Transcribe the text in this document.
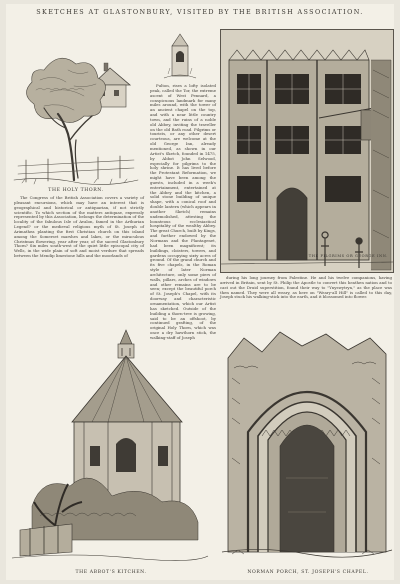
SKETCHES AT GLASTONBURY, VISITED BY THE BRITISH ASSOCIATION.
THE HOLY THORN.
THE PILGRIMS OR GEORGE INN.

Pulton, rises a lofty isolated peak, called the Tor, the extreme ascent of West Pennard, a conspicuous landmark for many miles around, with the tower of an ancient chapel on the top, and with a near little country town, and the ruins of a noble old Abbey, inviting the traveller on the old Bath road. Pilgrims or tourists, or any other desert courteous, are welcome at the old George Inn, already mentioned, as shown in our Artist's Sketch, founded in 1475, by Abbot John Selwood, especially for pilgrims to the holy shrine. It has lived before the Protestant Reformation, we might have been among the guests, included in a week's entertainment, entertained at the Abbey and the kitchen, a solid stone building of unique shape, with a conical roof and double lantern (which appears in another Sketch) remains undemolished, attesting the bounteous ecclesiastical hospitality of the wealthy Abbey. The great Church, built by Kings, and further endowed by the Normans and the Plantagenet, had been magnificent; its buildings, cloisters, towers, and gardens occupying sixty acres of ground. Of the grand church and its five chapels, in the Roman style of later Norman architecture, only some piers of walls, pillars, arches of windows and other remains are to be seen; except the beautiful porch of St. Joseph's Chapel, with its doorway and characteristic ornamentation, which our Artist has sketched. Outside of the building a thorn-tree is growing, said to be an offshoot, by continued grafting, of the original Holy Thorn, which was once a dry hawthorn stick, the walking-staff of Joseph

The Congress of the British Association covers a variety of pleasant excursions, which may have an interest that is geographical and historical or antiquarian, if not strictly scientific. To which section of the matters antiquae, expressly represented by this Association, belongs the determination of the locality of the fabulous Isle of Avalon, famed in the Arthurian Legend? or the medieval religious myth of St. Joseph of Arimathea planting the first Christian church on this island among the Somerset marshes and lakes, or the miraculous Christmas flowering, year after year, of the sacred Glastonbury Thorn? Six miles south-west of the quiet little episcopal city of Wells, in the wide plain of soft and moist verdure that spreads between the Mendip limestone hills and the moorlands of

during his long journey from Palestine. He and his twelve companions, having arrived in Britain, sent by St. Philip the Apostle to convert this heathen nation and to cast out the Druid superstition, found their way to "Ynyswytryn," as the place was then named. They were all weary, as here on "Weary-all Hill" is called to this day, Joseph stuck his walking-stick into the earth, and it blossomed into flower.

THE ABBOT'S KITCHEN.	NORMAN PORCH, ST. JOSEPH'S CHAPEL.
